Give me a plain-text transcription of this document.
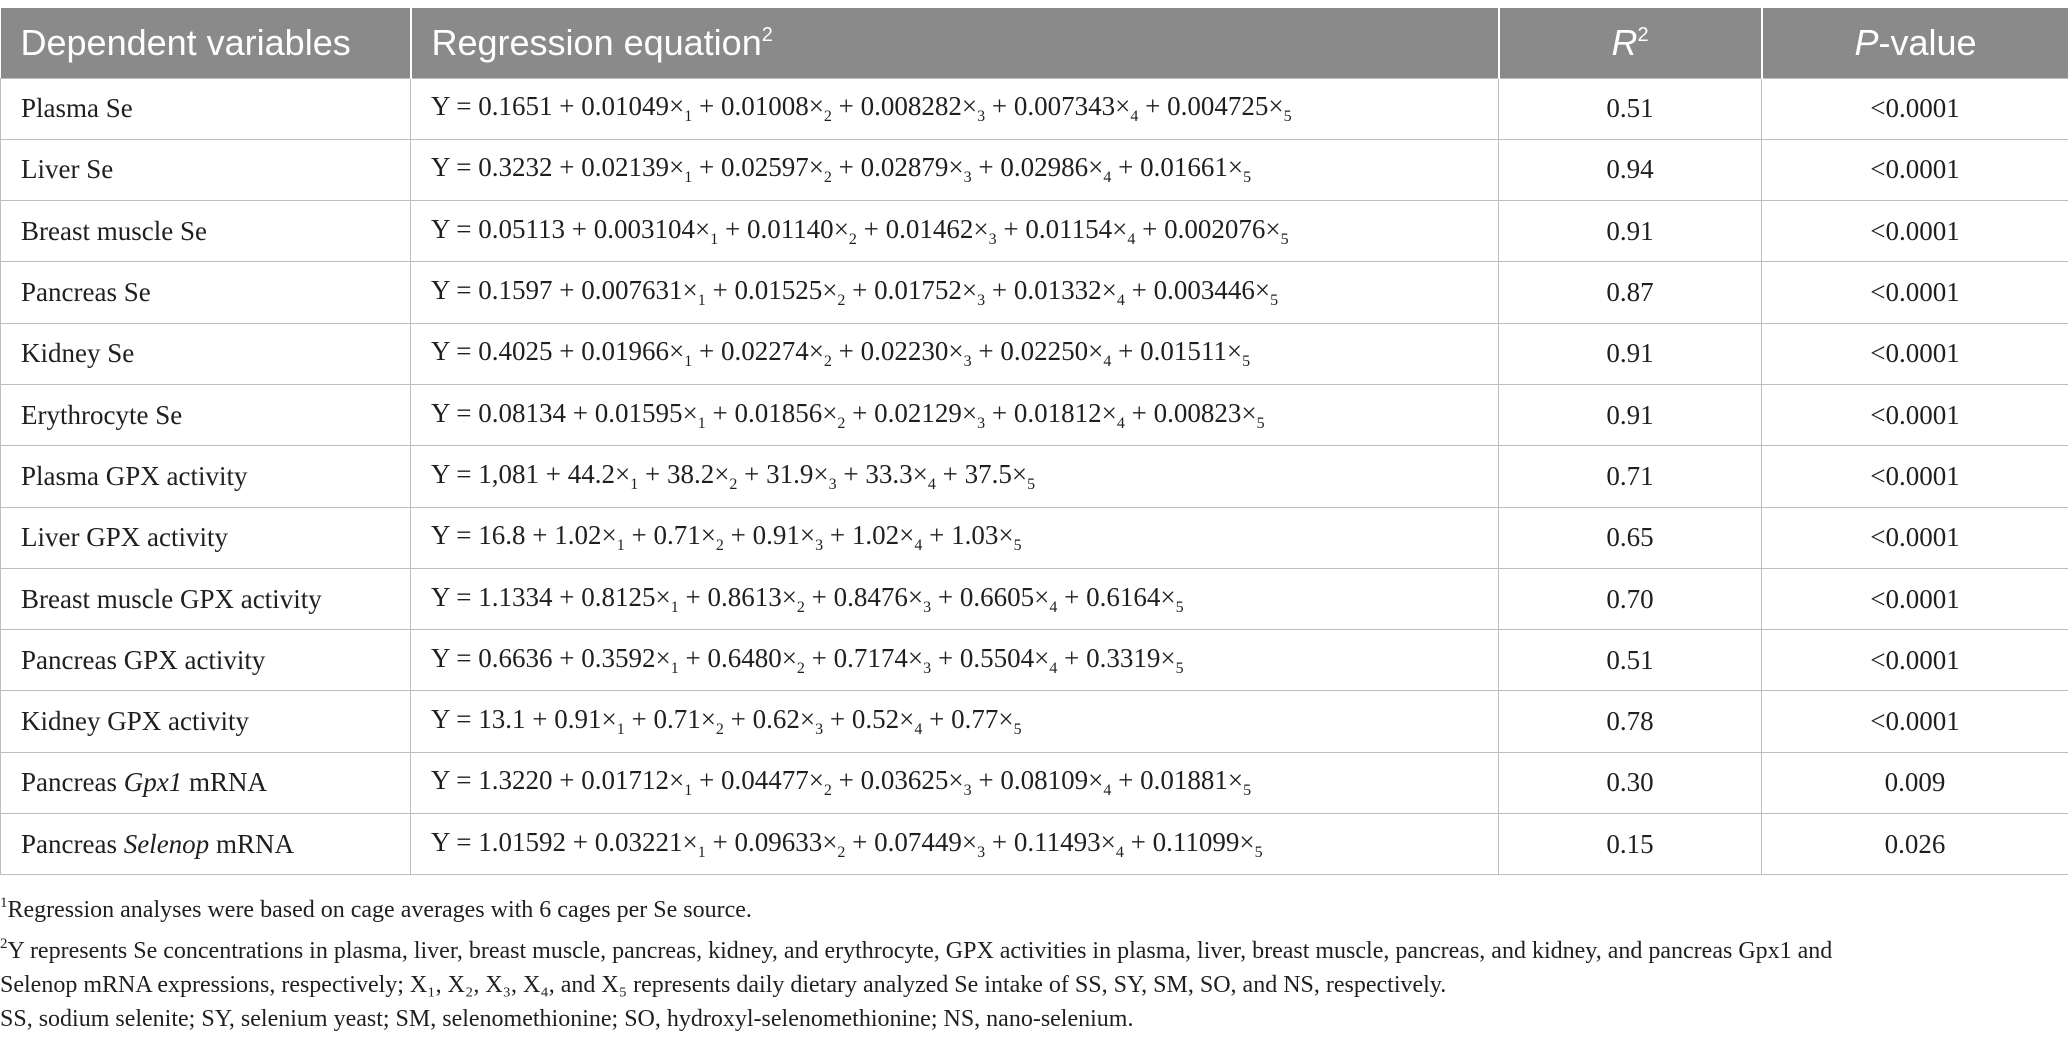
Dependent variables	Regression equation$^2$	$R^2$	P-value
Plasma Se	$Y = 0.1651 + 0.01049\times_1 + 0.01008\times_2 + 0.008282\times_3 + 0.007343\times_4 + 0.004725\times_5$	0.51	<0.0001
Liver Se	$Y = 0.3232 + 0.02139\times_1 + 0.02597\times_2 + 0.02879\times_3 + 0.02986\times_4 + 0.01661\times_5$	0.94	<0.0001
Breast muscle Se	$Y = 0.05113 + 0.003104\times_1 + 0.01140\times_2 + 0.01462\times_3 + 0.01154\times_4 + 0.002076\times_5$	0.91	<0.0001
Pancreas Se	$Y = 0.1597 + 0.007631\times_1 + 0.01525\times_2 + 0.01752\times_3 + 0.01332\times_4 + 0.003446\times_5$	0.87	<0.0001
Kidney Se	$Y = 0.4025 + 0.01966\times_1 + 0.02274\times_2 + 0.02230\times_3 + 0.02250\times_4 + 0.01511\times_5$	0.91	<0.0001
Erythrocyte Se	$Y = 0.08134 + 0.01595\times_1 + 0.01856\times_2 + 0.02129\times_3 + 0.01812\times_4 + 0.00823\times_5$	0.91	<0.0001
Plasma GPX activity	$Y = 1,081 + 44.2\times_1 + 38.2\times_2 + 31.9\times_3 + 33.3\times_4 + 37.5\times_5$	0.71	<0.0001
Liver GPX activity	$Y = 16.8 + 1.02\times_1 + 0.71\times_2 + 0.91\times_3 + 1.02\times_4 + 1.03\times_5$	0.65	<0.0001
Breast muscle GPX activity	$Y = 1.1334 + 0.8125\times_1 + 0.8613\times_2 + 0.8476\times_3 + 0.6605\times_4 + 0.6164\times_5$	0.70	<0.0001
Pancreas GPX activity	$Y = 0.6636 + 0.3592\times_1 + 0.6480\times_2 + 0.7174\times_3 + 0.5504\times_4 + 0.3319\times_5$	0.51	<0.0001
Kidney GPX activity	$Y = 13.1 + 0.91\times_1 + 0.71\times_2 + 0.62\times_3 + 0.52\times_4 + 0.77\times_5$	0.78	<0.0001
Pancreas Gpx1 mRNA	$Y = 1.3220 + 0.01712\times_1 + 0.04477\times_2 + 0.03625\times_3 + 0.08109\times_4 + 0.01881\times_5$	0.30	0.009
Pancreas Selenop mRNA	$Y = 1.01592 + 0.03221\times_1 + 0.09633\times_2 + 0.07449\times_3 + 0.11493\times_4 + 0.11099\times_5$	0.15	0.026

$^1$Regression analyses were based on cage averages with 6 cages per Se source.

$^2$Y represents Se concentrations in plasma, liver, breast muscle, pancreas, kidney, and erythrocyte, GPX activities in plasma, liver, breast muscle, pancreas, and kidney, and pancreas Gpx1 and

Selenop mRNA expressions, respectively; X₁, X₂, X₃, X₄, and X₅ represents daily dietary analyzed Se intake of SS, SY, SM, SO, and NS, respectively.

SS, sodium selenite; SY, selenium yeast; SM, selenomethionine; SO, hydroxyl-selenomethionine; NS, nano-selenium.
